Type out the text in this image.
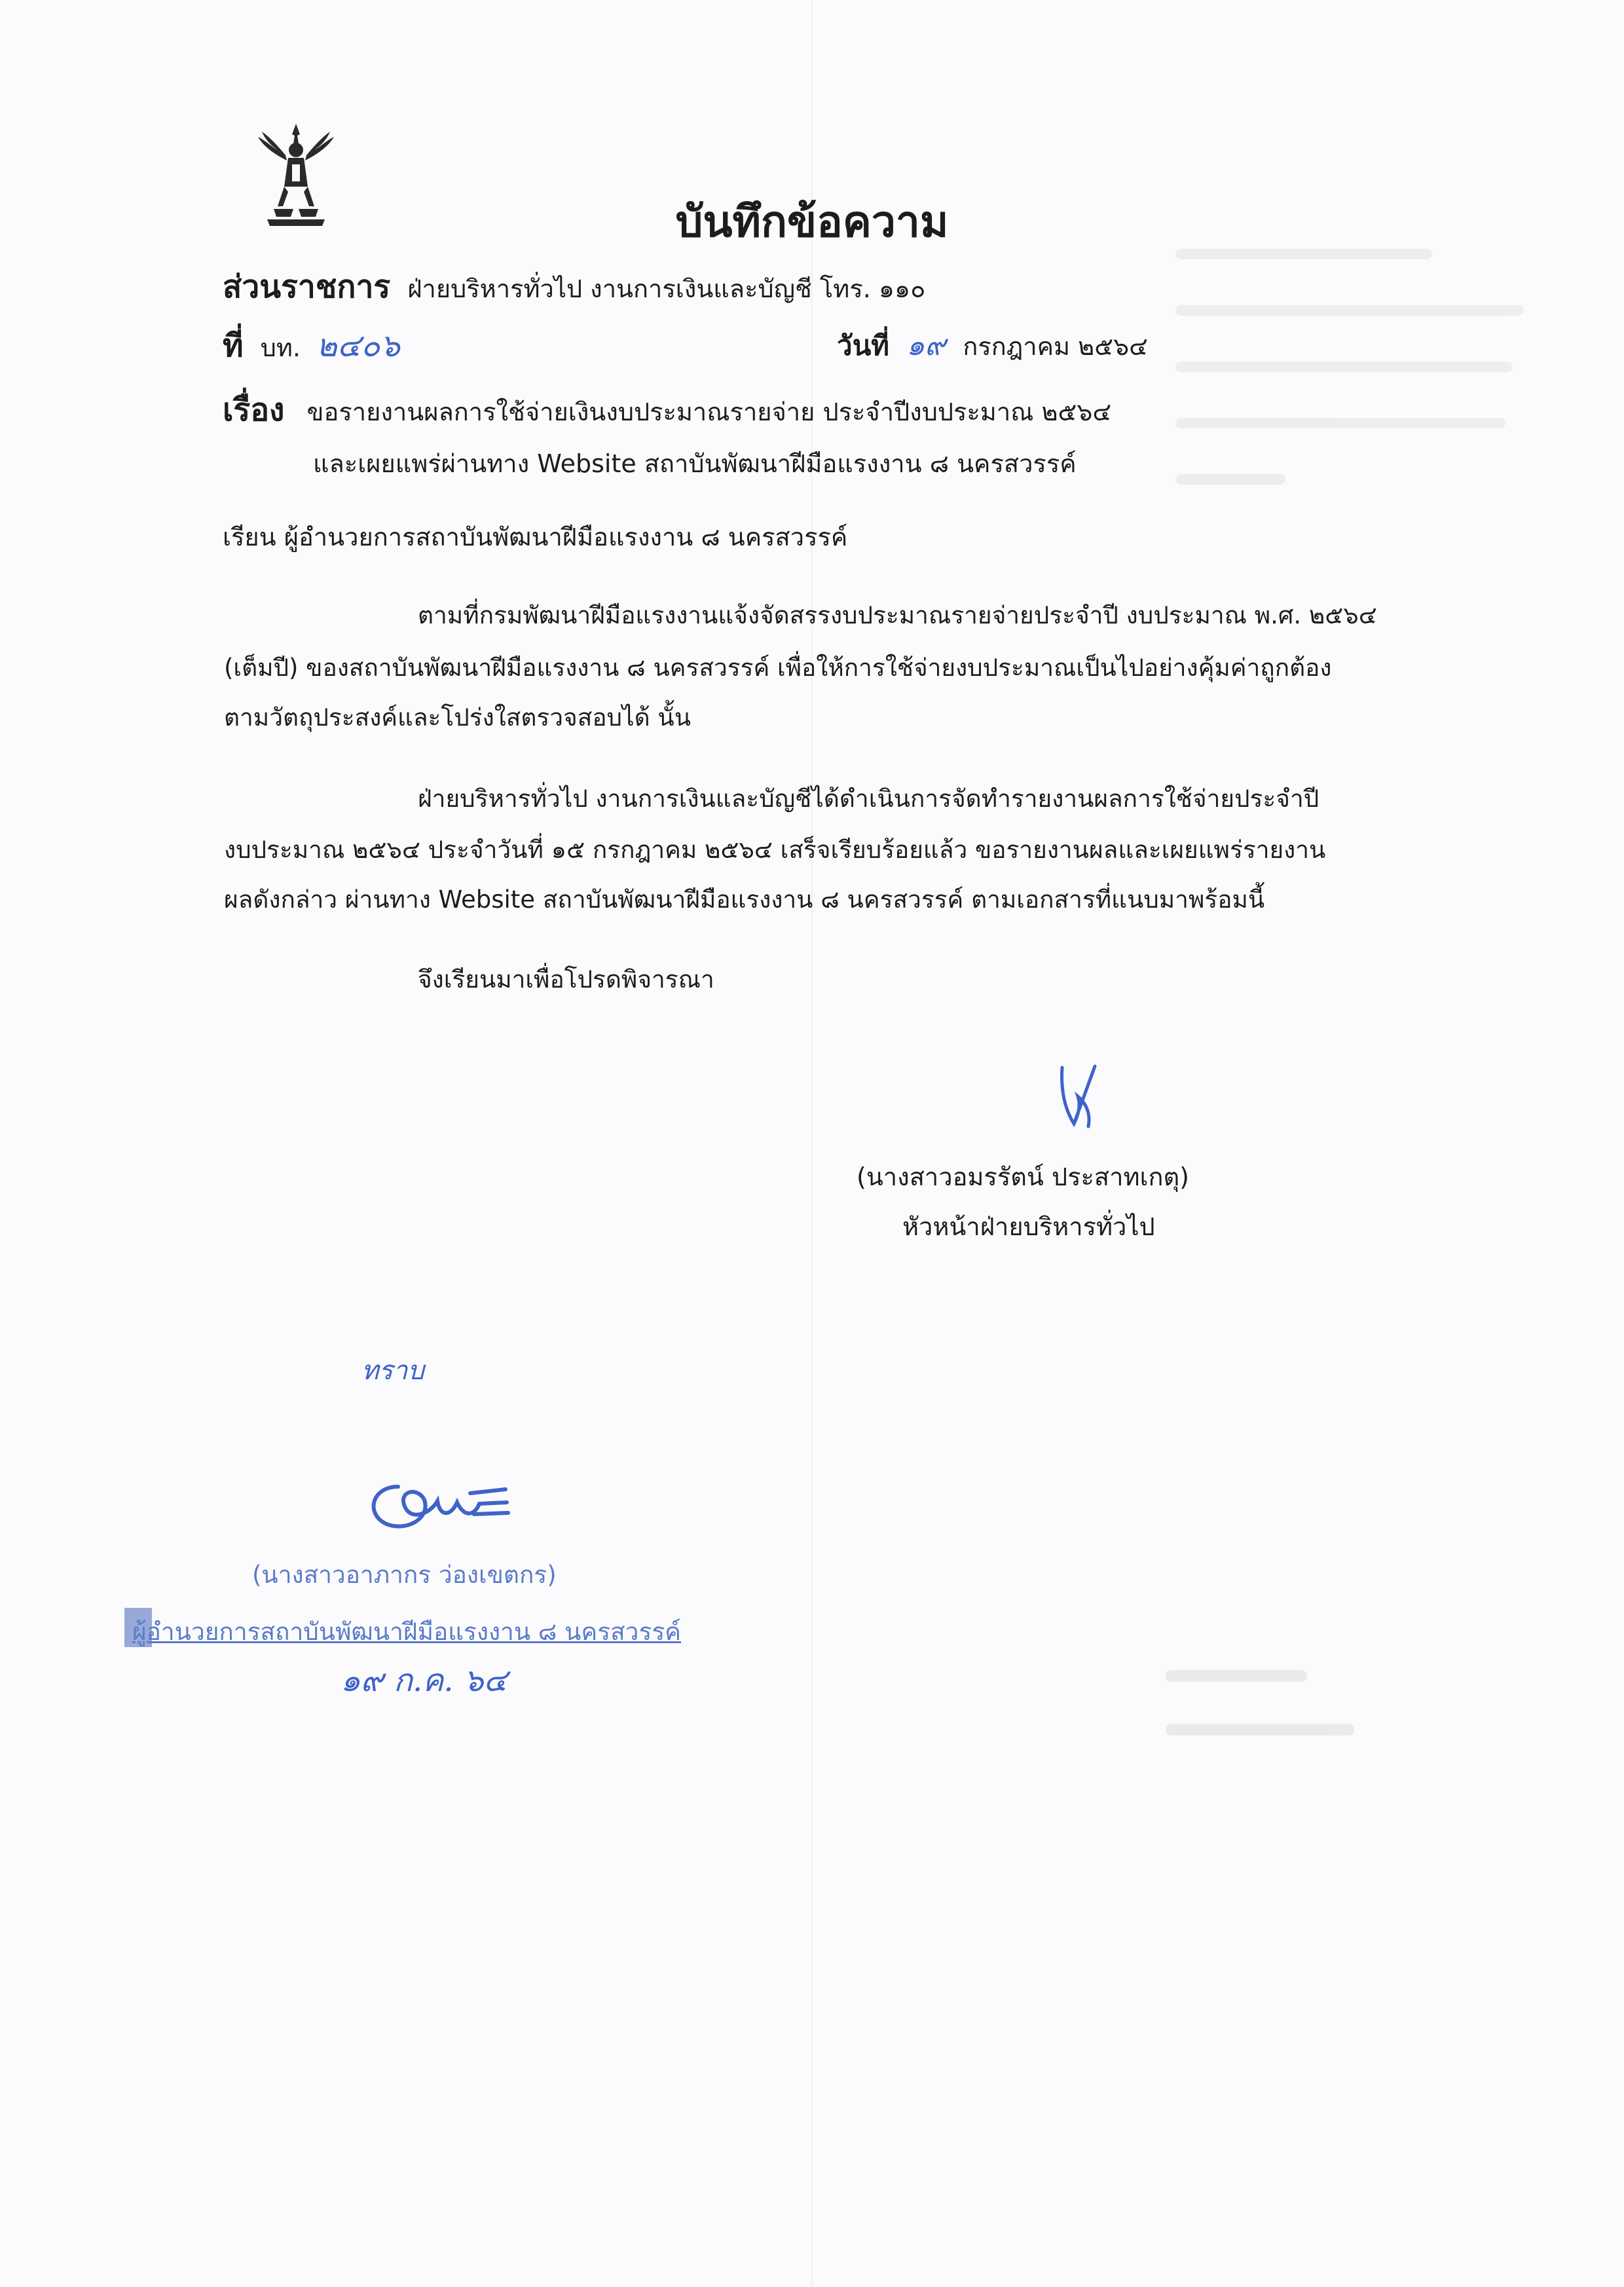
บันทึกข้อความ
ส่วนราชการ ฝ่ายบริหารทั่วไป งานการเงินและบัญชี โทร. ๑๑๐
ที่ บท. ๒๔๐๖	วันที่ ๑๙ กรกฎาคม ๒๕๖๔
เรื่อง ขอรายงานผลการใช้จ่ายเงินงบประมาณรายจ่าย ประจำปีงบประมาณ ๒๕๖๔
และเผยแพร่ผ่านทาง Website สถาบันพัฒนาฝีมือแรงงาน ๘ นครสวรรค์
เรียน ผู้อำนวยการสถาบันพัฒนาฝีมือแรงงาน ๘ นครสวรรค์
ตามที่กรมพัฒนาฝีมือแรงงานแจ้งจัดสรรงบประมาณรายจ่ายประจำปี งบประมาณ พ.ศ. ๒๕๖๔
(เต็มปี) ของสถาบันพัฒนาฝีมือแรงงาน ๘ นครสวรรค์ เพื่อให้การใช้จ่ายงบประมาณเป็นไปอย่างคุ้มค่าถูกต้อง
ตามวัตถุประสงค์และโปร่งใสตรวจสอบได้ นั้น
ฝ่ายบริหารทั่วไป งานการเงินและบัญชีได้ดำเนินการจัดทำรายงานผลการใช้จ่ายประจำปี
งบประมาณ ๒๕๖๔ ประจำวันที่ ๑๕ กรกฎาคม ๒๕๖๔ เสร็จเรียบร้อยแล้ว ขอรายงานผลและเผยแพร่รายงาน
ผลดังกล่าว ผ่านทาง Website สถาบันพัฒนาฝีมือแรงงาน ๘ นครสวรรค์ ตามเอกสารที่แนบมาพร้อมนี้
จึงเรียนมาเพื่อโปรดพิจารณา
(นางสาวอมรรัตน์ ประสาทเกตุ)
หัวหน้าฝ่ายบริหารทั่วไป
ทราบ
(นางสาวอาภากร ว่องเขตกร)
ผู้อำนวยการสถาบันพัฒนาฝีมือแรงงาน ๘ นครสวรรค์
๑๙ ก.ค. ๖๔
